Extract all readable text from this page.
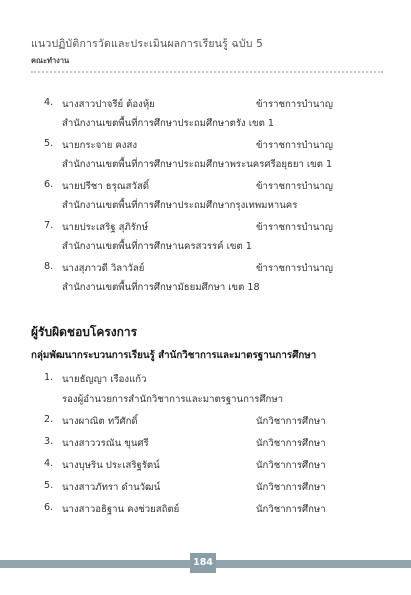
แนวปฏิบัติการวัดและประเมินผลการเรียนรู้ ฉบับ 5
คณะทำงาน
4. นางสาวปาจรีย์ ต้องหุ้ย	ข้าราชการบำนาญ
สำนักงานเขตพื้นที่การศึกษาประถมศึกษาตรัง เขต 1
5. นายกระจาย คงสง	ข้าราชการบำนาญ
สำนักงานเขตพื้นที่การศึกษาประถมศึกษาพระนครศรีอยุธยา เขต 1
6. นายปรีชา ธรุณสวัสดิ์	ข้าราชการบำนาญ
สำนักงานเขตพื้นที่การศึกษาประถมศึกษากรุงเทพมหานคร
7. นายประเสริฐ สุภิรักษ์	ข้าราชการบำนาญ
สำนักงานเขตพื้นที่การศึกษานครสวรรค์ เขต 1
8. นางสุภาวดี วิลาวัลย์	ข้าราชการบำนาญ
สำนักงานเขตพื้นที่การศึกษามัธยมศึกษา เขต 18
ผู้รับผิดชอบโครงการ
กลุ่มพัฒนากระบวนการเรียนรู้ สำนักวิชาการและมาตรฐานการศึกษา
1. นายธัญญา เรืองแก้ว
รองผู้อำนวยการสำนักวิชาการและมาตรฐานการศึกษา
2. นางผาณิต ทวีศักดิ์	นักวิชาการศึกษา
3. นางสาววรณัน ขุนศรี	นักวิชาการศึกษา
4. นางบุษริน ประเสริฐรัตน์	นักวิชาการศึกษา
5. นางสาวภัทรา ดำนวัฒน์	นักวิชาการศึกษา
6. นางสาวอธิฐาน คงช่วยสถิตย์	นักวิชาการศึกษา
184
